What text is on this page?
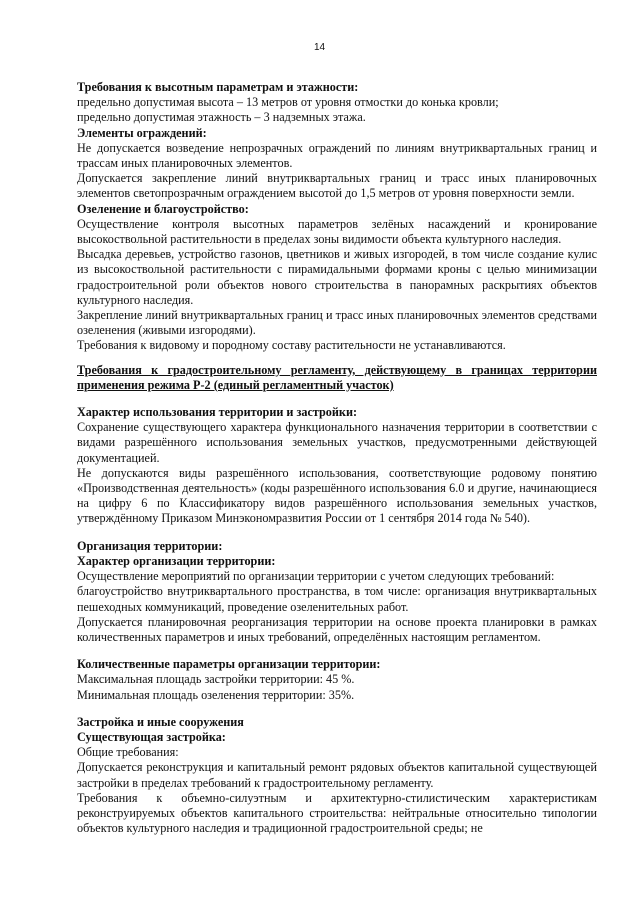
14

Требования к высотным параметрам и этажности:

предельно допустимая высота – 13 метров от уровня отмостки до конька кровли;

предельно допустимая этажность – 3 надземных этажа.

Элементы ограждений:

Не допускается возведение непрозрачных ограждений по линиям внутриквартальных границ и трассам иных планировочных элементов.

Допускается закрепление линий внутриквартальных границ и трасс иных планировочных элементов светопрозрачным ограждением высотой до 1,5 метров от уровня поверхности земли.

Озеленение и благоустройство:

Осуществление контроля высотных параметров зелёных насаждений и кронирование высокоствольной растительности в пределах зоны видимости объекта культурного наследия.

Высадка деревьев, устройство газонов, цветников и живых изгородей, в том числе создание кулис из высокоствольной растительности с пирамидальными формами кроны с целью минимизации градостроительной роли объектов нового строительства в панорамных раскрытиях объектов культурного наследия.

Закрепление линий внутриквартальных границ и трасс иных планировочных элементов средствами озеленения (живыми изгородями).

Требования к видовому и породному составу растительности не устанавливаются.

Требования к градостроительному регламенту, действующему в границах территории применения режима Р-2 (единый регламентный участок)

Характер использования территории и застройки:

Сохранение существующего характера функционального назначения территории в соответствии с видами разрешённого использования земельных участков, предусмотренными действующей документацией.

Не допускаются виды разрешённого использования, соответствующие родовому понятию «Производственная деятельность» (коды разрешённого использования 6.0 и другие, начинающиеся на цифру 6 по Классификатору видов разрешённого использования земельных участков, утверждённому Приказом Минэкономразвития России от 1 сентября 2014 года № 540).

Организация территории:

Характер организации территории:

Осуществление мероприятий по организации территории с учетом следующих требований:

благоустройство внутриквартального пространства, в том числе: организация внутриквартальных пешеходных коммуникаций, проведение озеленительных работ.

Допускается планировочная реорганизация территории на основе проекта планировки в рамках количественных параметров и иных требований, определённых настоящим регламентом.

Количественные параметры организации территории:

Максимальная площадь застройки территории: 45 %.

Минимальная площадь озеленения территории: 35%.

Застройка и иные сооружения

Существующая застройка:

Общие требования:

Допускается реконструкция и капитальный ремонт рядовых объектов капитальной существующей застройки в пределах требований к градостроительному регламенту.

Требования к объемно-силуэтным и архитектурно-стилистическим характеристикам реконструируемых объектов капитального строительства: нейтральные относительно типологии объектов культурного наследия и традиционной градостроительной среды; не
